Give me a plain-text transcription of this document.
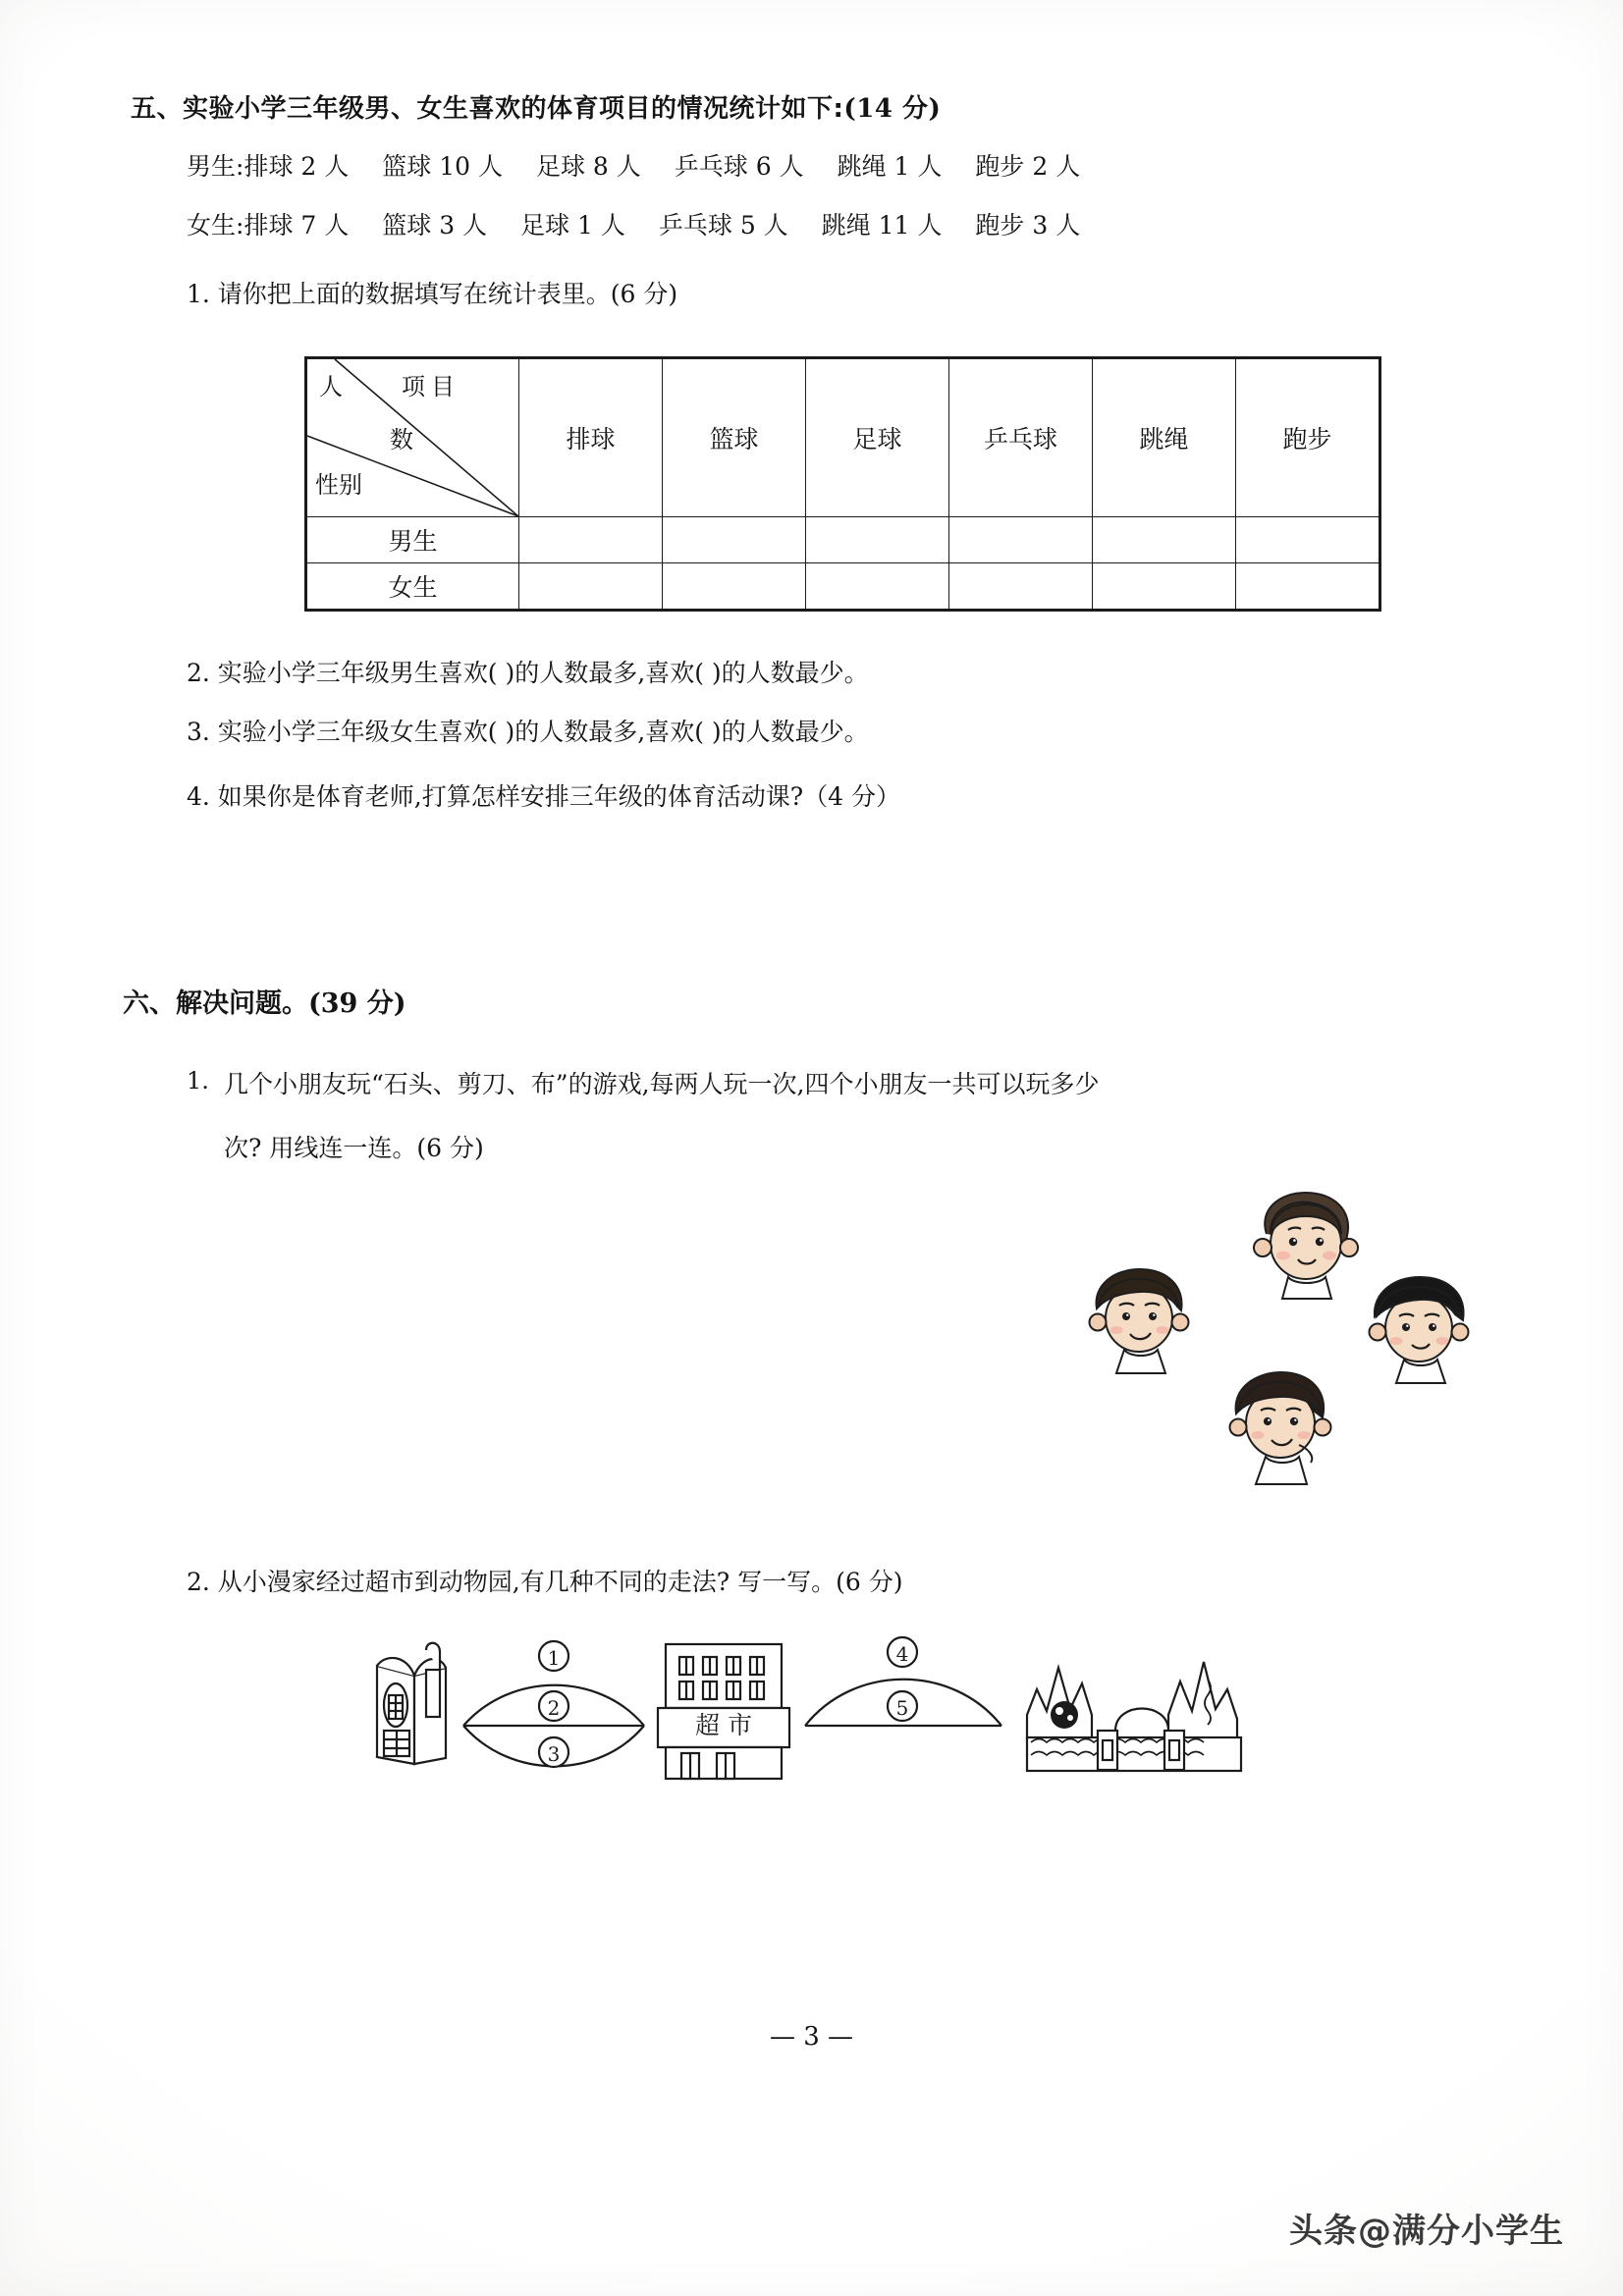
五、实验小学三年级男、女生喜欢的体育项目的情况统计如下:(14 分)
男生:排球 2 人 篮球 10 人 足球 8 人 乒乓球 6 人 跳绳 1 人 跑步 2 人
女生:排球 7 人 篮球 3 人 足球 1 人 乒乓球 5 人 跳绳 11 人 跑步 3 人
1. 请你把上面的数据填写在统计表里。(6 分)
人 项目
数
性别	排球	篮球	足球	乒乓球	跳绳	跑步
男生						
女生						
2. 实验小学三年级男生喜欢( )的人数最多,喜欢( )的人数最少。
3. 实验小学三年级女生喜欢( )的人数最多,喜欢( )的人数最少。
4. 如果你是体育老师,打算怎样安排三年级的体育活动课?（4 分）
六、解决问题。(39 分)
1. 几个小朋友玩“石头、剪刀、布”的游戏,每两人玩一次,四个小朋友一共可以玩多少
次? 用线连一连。(6 分)
2. 从小漫家经过超市到动物园,有几种不同的走法? 写一写。(6 分)
超 市
1
2
3
4
5
— 3 —
头条@满分小学生
